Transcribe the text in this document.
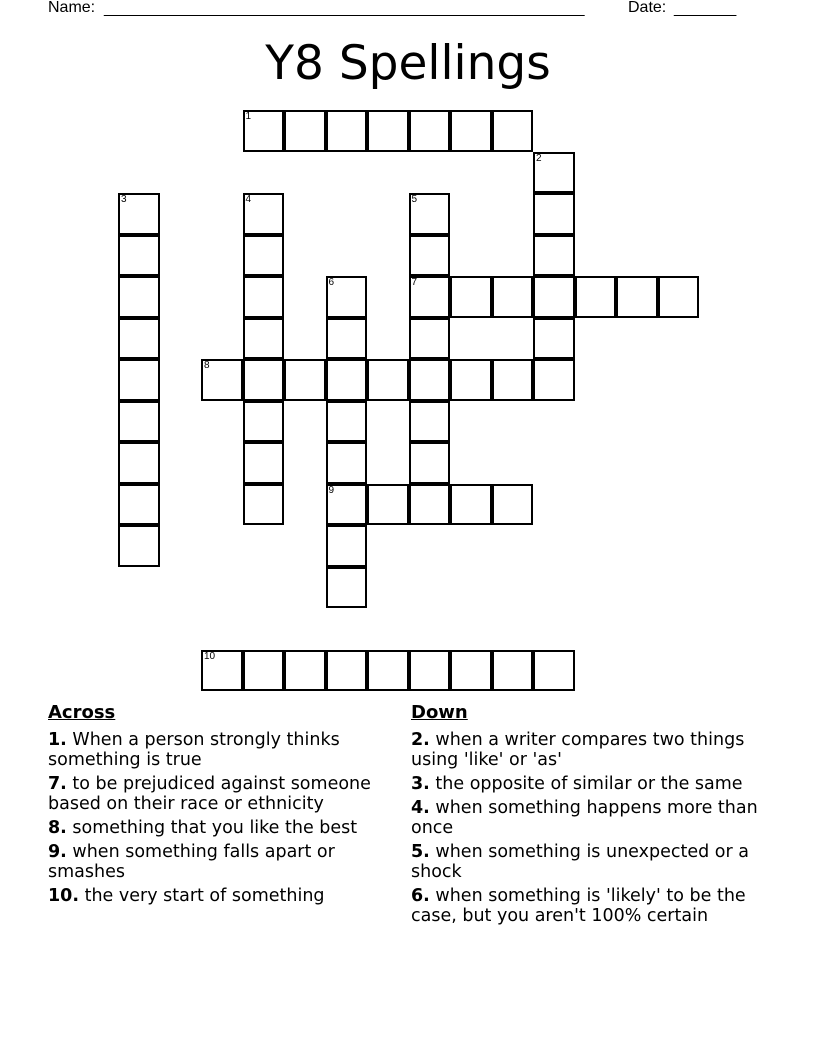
Name: ______________________________________________________	Date: _______
Y8 Spellings
1
2
3	4	5
7
6
9
8
10
Across
1. When a person strongly thinks something is true
7. to be prejudiced against someone based on their race or ethnicity
8. something that you like the best
9. when something falls apart or smashes
10. the very start of something
Down
2. when a writer compares two things using 'like' or 'as'
3. the opposite of similar or the same
4. when something happens more than once
5. when something is unexpected or a shock
6. when something is 'likely' to be the case, but you aren't 100% certain
